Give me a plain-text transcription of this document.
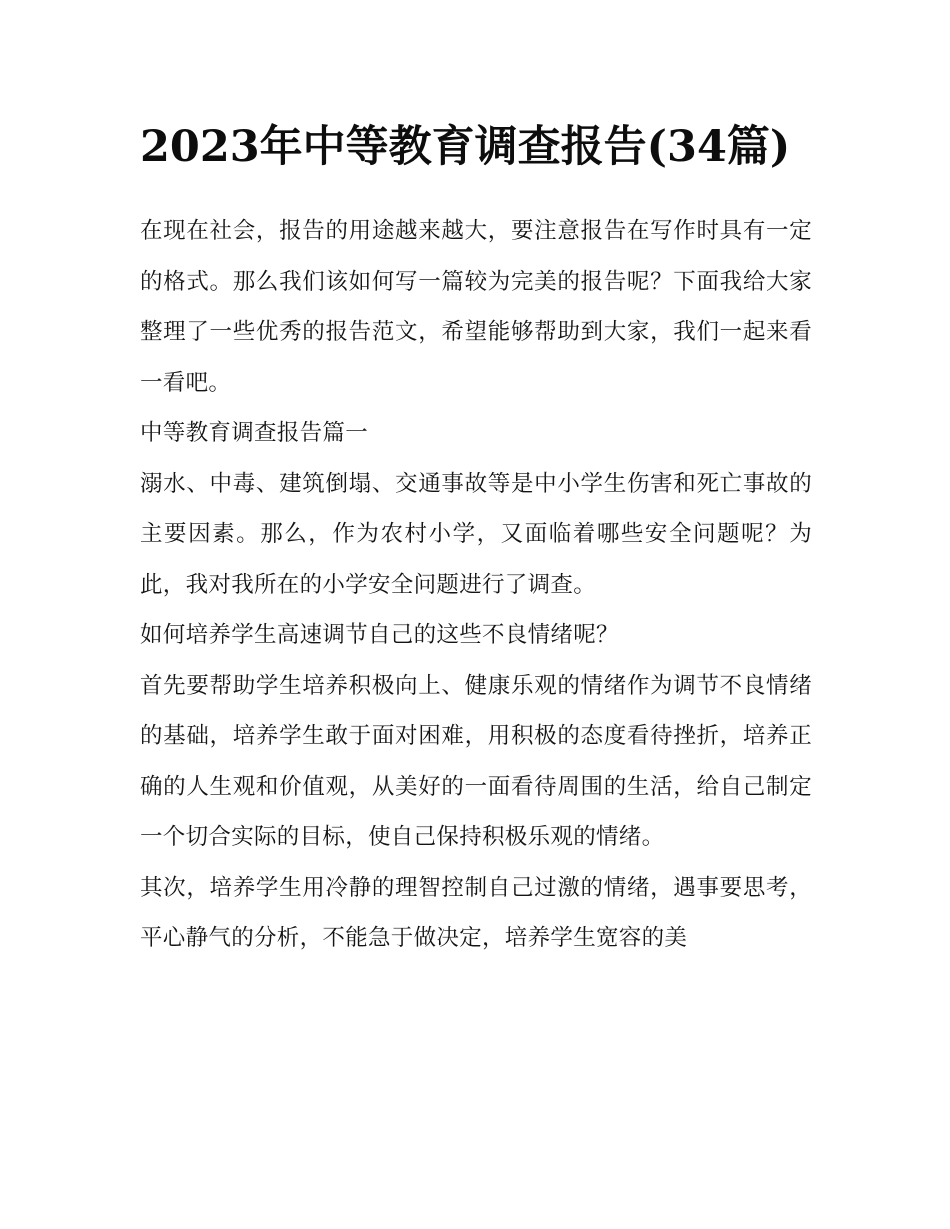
2023年中等教育调查报告(34篇)

在现在社会，报告的用途越来越大，要注意报告在写作时具有一定的格式。那么我们该如何写一篇较为完美的报告呢？下面我给大家整理了一些优秀的报告范文，希望能够帮助到大家，我们一起来看一看吧。

中等教育调查报告篇一

溺水、中毒、建筑倒塌、交通事故等是中小学生伤害和死亡事故的主要因素。那么，作为农村小学，又面临着哪些安全问题呢？为此，我对我所在的小学安全问题进行了调查。

如何培养学生高速调节自己的这些不良情绪呢？

首先要帮助学生培养积极向上、健康乐观的情绪作为调节不良情绪的基础，培养学生敢于面对困难，用积极的态度看待挫折，培养正确的人生观和价值观，从美好的一面看待周围的生活，给自己制定一个切合实际的目标，使自己保持积极乐观的情绪。

其次，培养学生用冷静的理智控制自己过激的情绪，遇事要思考，平心静气的分析，不能急于做决定，培养学生宽容的美
